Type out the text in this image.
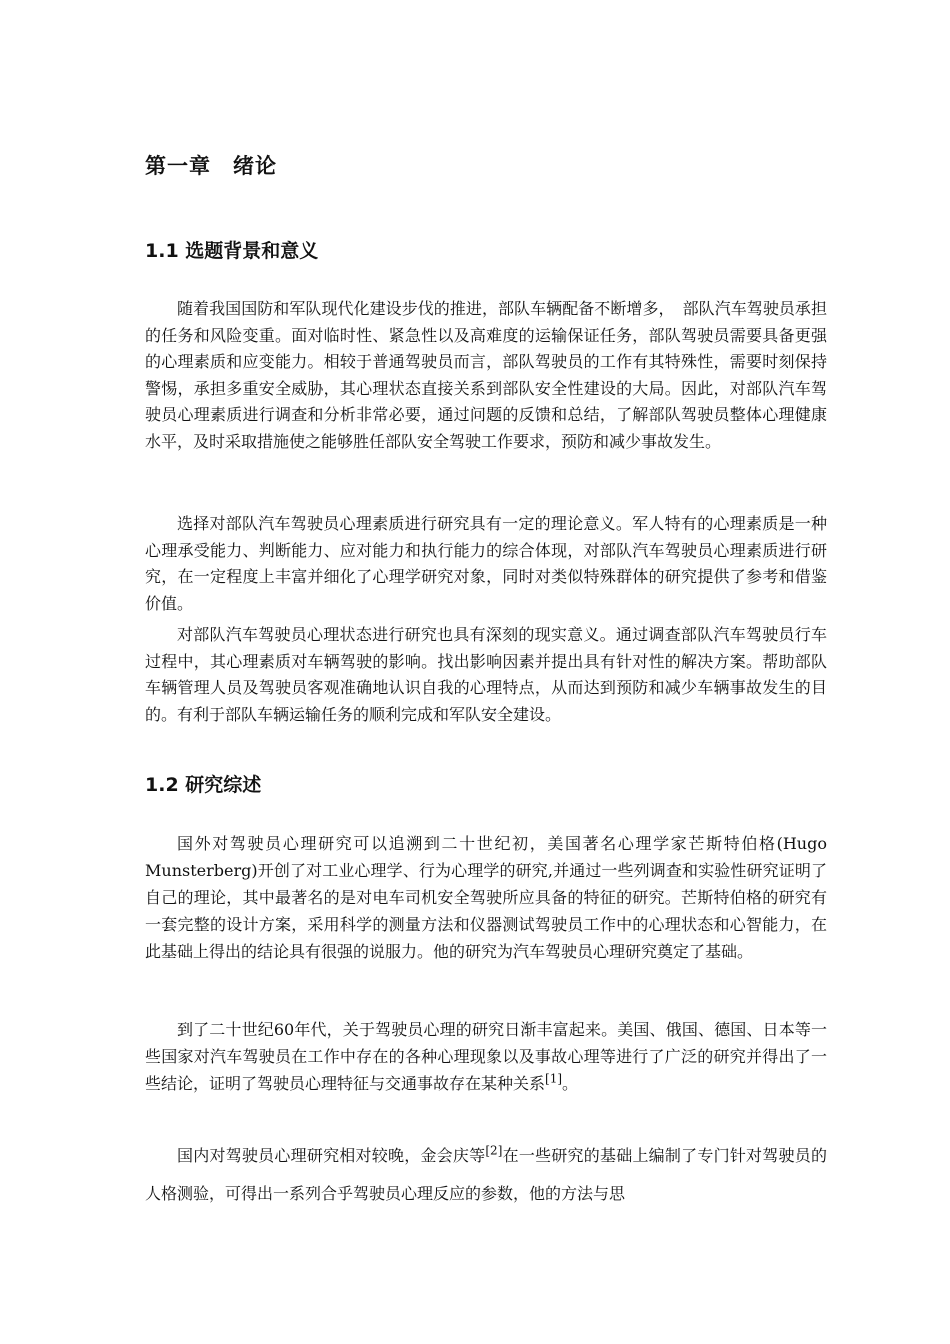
第一章　绪论
1.1 选题背景和意义

随着我国国防和军队现代化建设步伐的推进，部队车辆配备不断增多，　部队汽车驾驶员承担的任务和风险变重。面对临时性、紧急性以及高难度的运输保证任务，部队驾驶员需要具备更强的心理素质和应变能力。相较于普通驾驶员而言，部队驾驶员的工作有其特殊性，需要时刻保持警惕，承担多重安全威胁，其心理状态直接关系到部队安全性建设的大局。因此，对部队汽车驾驶员心理素质进行调查和分析非常必要，通过问题的反馈和总结，了解部队驾驶员整体心理健康水平，及时采取措施使之能够胜任部队安全驾驶工作要求，预防和减少事故发生。

选择对部队汽车驾驶员心理素质进行研究具有一定的理论意义。军人特有的心理素质是一种心理承受能力、判断能力、应对能力和执行能力的综合体现，对部队汽车驾驶员心理素质进行研究，在一定程度上丰富并细化了心理学研究对象，同时对类似特殊群体的研究提供了参考和借鉴价值。

对部队汽车驾驶员心理状态进行研究也具有深刻的现实意义。通过调查部队汽车驾驶员行车过程中，其心理素质对车辆驾驶的影响。找出影响因素并提出具有针对性的解决方案。帮助部队车辆管理人员及驾驶员客观准确地认识自我的心理特点，从而达到预防和减少车辆事故发生的目的。有利于部队车辆运输任务的顺利完成和军队安全建设。

1.2 研究综述

国外对驾驶员心理研究可以追溯到二十世纪初，美国著名心理学家芒斯特伯格(Hugo Munsterberg)开创了对工业心理学、行为心理学的研究,并通过一些列调查和实验性研究证明了自己的理论，其中最著名的是对电车司机安全驾驶所应具备的特征的研究。芒斯特伯格的研究有一套完整的设计方案，采用科学的测量方法和仪器测试驾驶员工作中的心理状态和心智能力，在此基础上得出的结论具有很强的说服力。他的研究为汽车驾驶员心理研究奠定了基础。

到了二十世纪60年代，关于驾驶员心理的研究日渐丰富起来。美国、俄国、德国、日本等一些国家对汽车驾驶员在工作中存在的各种心理现象以及事故心理等进行了广泛的研究并得出了一些结论，证明了驾驶员心理特征与交通事故存在某种关系[1]。

国内对驾驶员心理研究相对较晚，金会庆等[2]在一些研究的基础上编制了专门针对驾驶员的人格测验，可得出一系列合乎驾驶员心理反应的参数，他的方法与思
